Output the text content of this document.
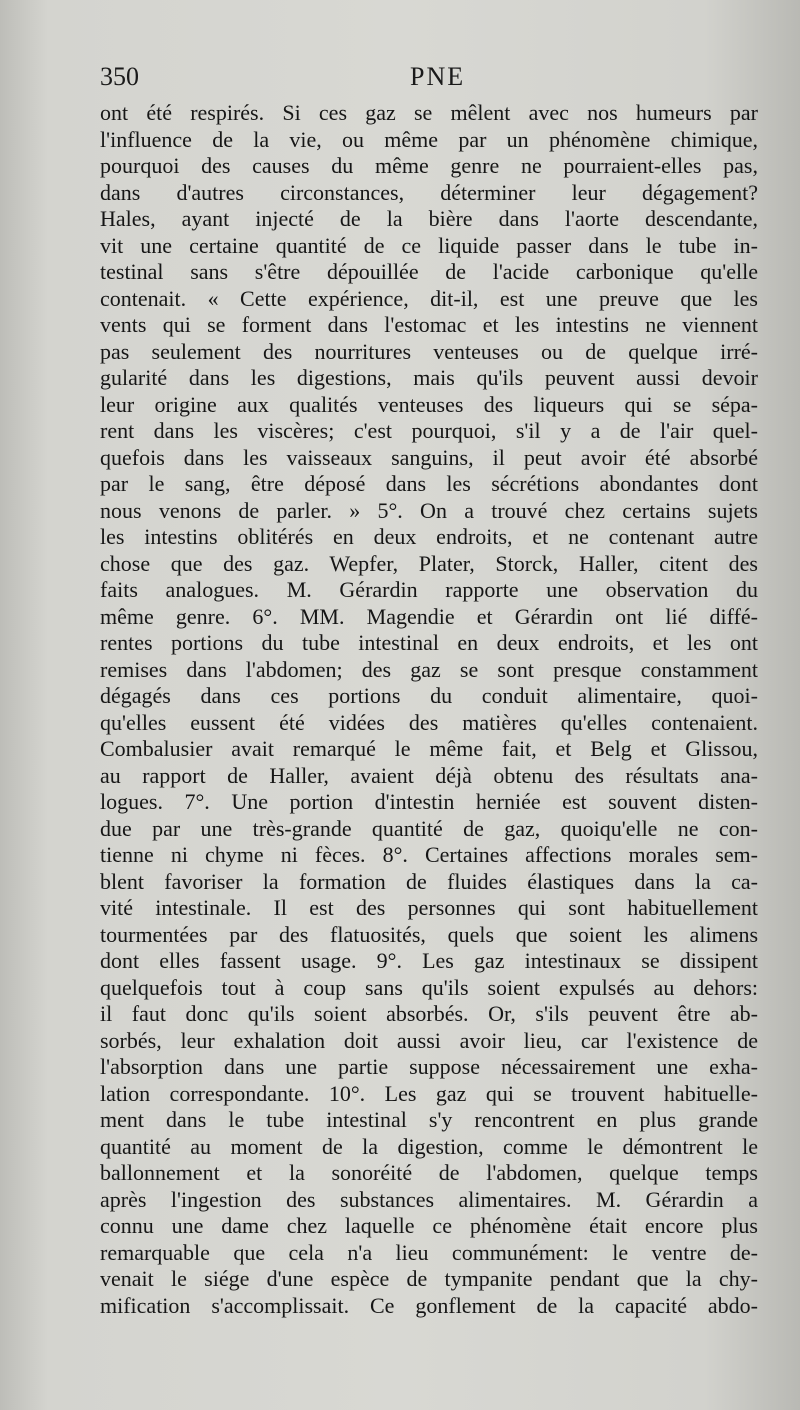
350	PNE
ont été respirés. Si ces gaz se mêlent avec nos humeurs par
l'influence de la vie, ou même par un phénomène chimique,
pourquoi des causes du même genre ne pourraient-elles pas,
dans d'autres circonstances, déterminer leur dégagement?
Hales, ayant injecté de la bière dans l'aorte descendante,
vit une certaine quantité de ce liquide passer dans le tube in-
testinal sans s'être dépouillée de l'acide carbonique qu'elle
contenait. « Cette expérience, dit-il, est une preuve que les
vents qui se forment dans l'estomac et les intestins ne viennent
pas seulement des nourritures venteuses ou de quelque irré-
gularité dans les digestions, mais qu'ils peuvent aussi devoir
leur origine aux qualités venteuses des liqueurs qui se sépa-
rent dans les viscères; c'est pourquoi, s'il y a de l'air quel-
quefois dans les vaisseaux sanguins, il peut avoir été absorbé
par le sang, être déposé dans les sécrétions abondantes dont
nous venons de parler. » 5°. On a trouvé chez certains sujets
les intestins oblitérés en deux endroits, et ne contenant autre
chose que des gaz. Wepfer, Plater, Storck, Haller, citent des
faits analogues. M. Gérardin rapporte une observation du
même genre. 6°. MM. Magendie et Gérardin ont lié diffé-
rentes portions du tube intestinal en deux endroits, et les ont
remises dans l'abdomen; des gaz se sont presque constamment
dégagés dans ces portions du conduit alimentaire, quoi-
qu'elles eussent été vidées des matières qu'elles contenaient.
Combalusier avait remarqué le même fait, et Belg et Glissou,
au rapport de Haller, avaient déjà obtenu des résultats ana-
logues. 7°. Une portion d'intestin herniée est souvent disten-
due par une très-grande quantité de gaz, quoiqu'elle ne con-
tienne ni chyme ni fèces. 8°. Certaines affections morales sem-
blent favoriser la formation de fluides élastiques dans la ca-
vité intestinale. Il est des personnes qui sont habituellement
tourmentées par des flatuosités, quels que soient les alimens
dont elles fassent usage. 9°. Les gaz intestinaux se dissipent
quelquefois tout à coup sans qu'ils soient expulsés au dehors:
il faut donc qu'ils soient absorbés. Or, s'ils peuvent être ab-
sorbés, leur exhalation doit aussi avoir lieu, car l'existence de
l'absorption dans une partie suppose nécessairement une exha-
lation correspondante. 10°. Les gaz qui se trouvent habituelle-
ment dans le tube intestinal s'y rencontrent en plus grande
quantité au moment de la digestion, comme le démontrent le
ballonnement et la sonoréité de l'abdomen, quelque temps
après l'ingestion des substances alimentaires. M. Gérardin a
connu une dame chez laquelle ce phénomène était encore plus
remarquable que cela n'a lieu communément: le ventre de-
venait le siége d'une espèce de tympanite pendant que la chy-
mification s'accomplissait. Ce gonflement de la capacité abdo-
